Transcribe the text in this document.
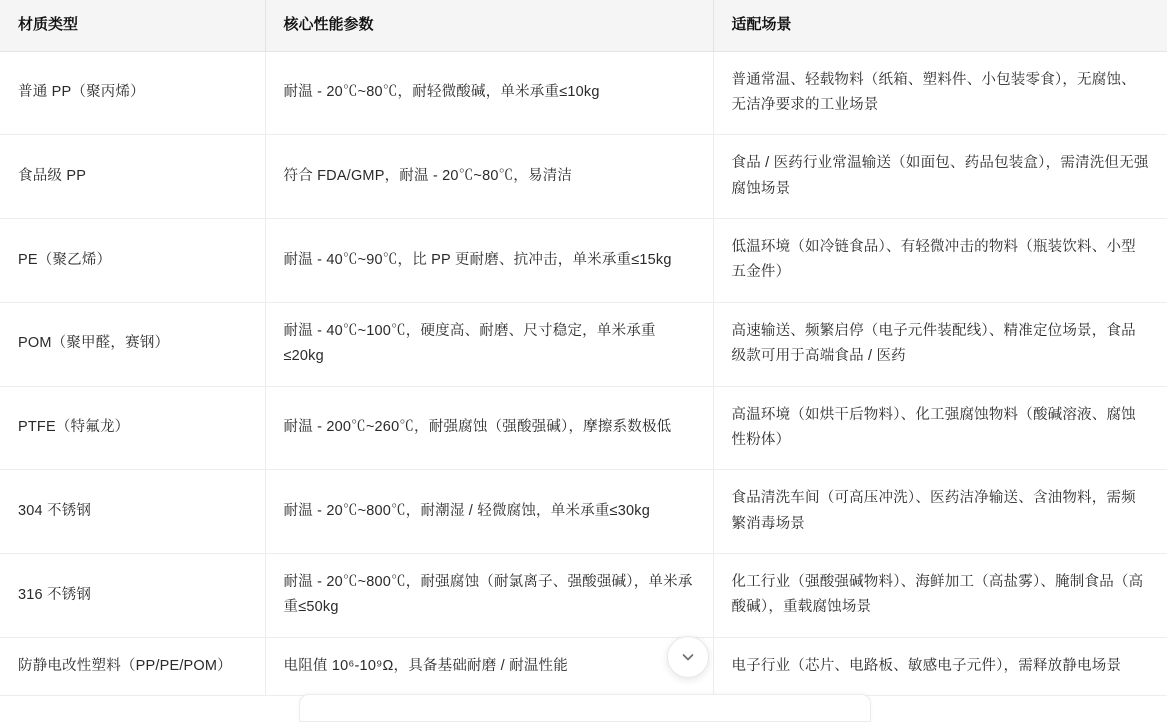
材质类型	核心性能参数	适配场景
普通 PP（聚丙烯）	耐温 - 20℃~80℃，耐轻微酸碱，单米承重≤10kg	普通常温、轻载物料（纸箱、塑料件、小包装零食），无腐蚀、无洁净要求的工业场景
食品级 PP	符合 FDA/GMP，耐温 - 20℃~80℃，易清洁	食品 / 医药行业常温输送（如面包、药品包装盒），需清洗但无强腐蚀场景
PE（聚乙烯）	耐温 - 40℃~90℃，比 PP 更耐磨、抗冲击，单米承重≤15kg	低温环境（如冷链食品）、有轻微冲击的物料（瓶装饮料、小型五金件）
POM（聚甲醛，赛钢）	耐温 - 40℃~100℃，硬度高、耐磨、尺寸稳定，单米承重≤20kg	高速输送、频繁启停（电子元件装配线）、精准定位场景，食品级款可用于高端食品 / 医药
PTFE（特氟龙）	耐温 - 200℃~260℃，耐强腐蚀（强酸强碱），摩擦系数极低	高温环境（如烘干后物料）、化工强腐蚀物料（酸碱溶液、腐蚀性粉体）
304 不锈钢	耐温 - 20℃~800℃，耐潮湿 / 轻微腐蚀，单米承重≤30kg	食品清洗车间（可高压冲洗）、医药洁净输送、含油物料，需频繁消毒场景
316 不锈钢	耐温 - 20℃~800℃，耐强腐蚀（耐氯离子、强酸强碱），单米承重≤50kg	化工行业（强酸强碱物料）、海鲜加工（高盐雾）、腌制食品（高酸碱），重载腐蚀场景
防静电改性塑料（PP/PE/POM）	电阻值 10⁶-10⁹Ω，具备基础耐磨 / 耐温性能	电子行业（芯片、电路板、敏感电子元件），需释放静电场景
